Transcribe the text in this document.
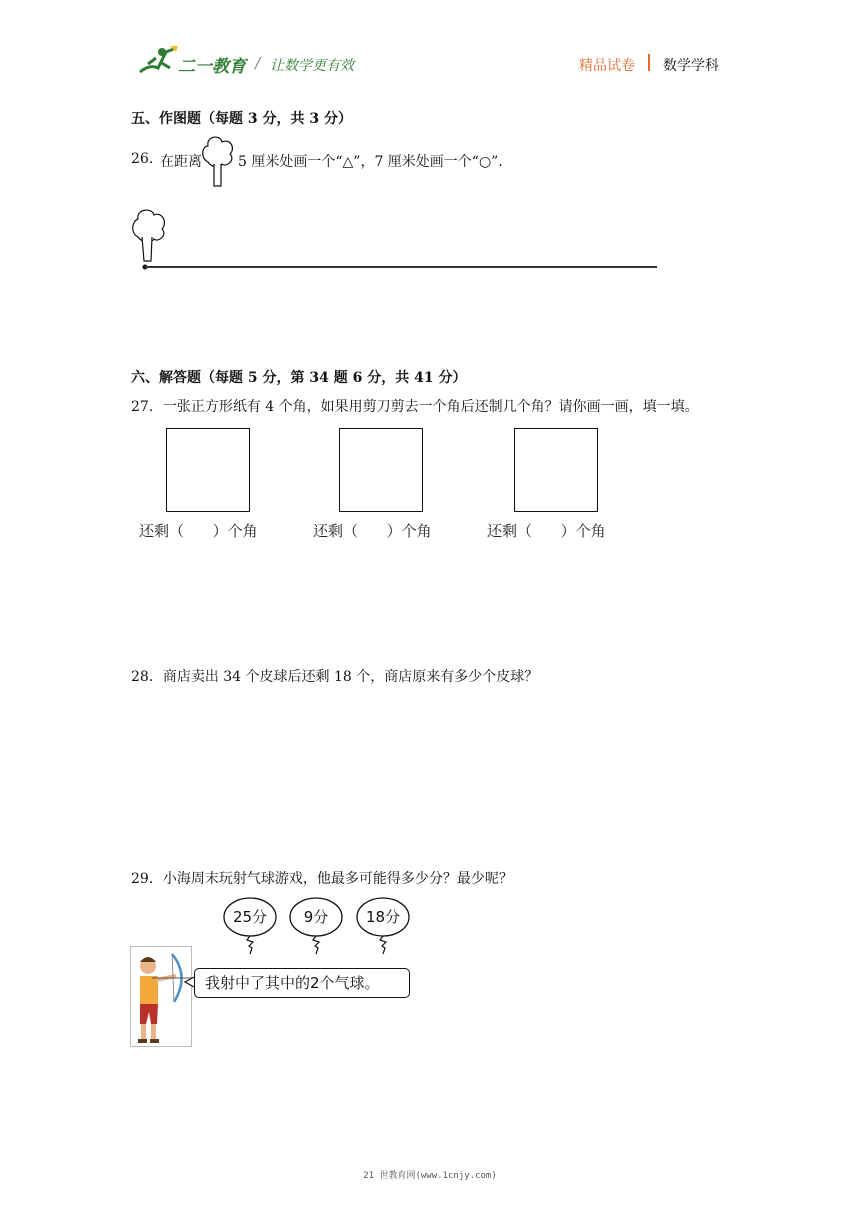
二一教育 / 让数学更有效	精品试卷 数学学科
五、作图题（每题 3 分，共 3 分）
26. 在距离	5 厘米处画一个“△”，7 厘米处画一个“○”.
六、解答题（每题 5 分，第 34 题 6 分，共 41 分）
27．一张正方形纸有 4 个角，如果用剪刀剪去一个角后还制几个角？请你画一画，填一填。
还剩（      ）个角	还剩（      ）个角	还剩（      ）个角
28．商店卖出 34 个皮球后还剩 18 个，商店原来有多少个皮球？
29．小海周末玩射气球游戏，他最多可能得多少分？最少呢？
25分	9分	18分
我射中了其中的2个气球。
21 世教育网(www.1cnjy.com)
